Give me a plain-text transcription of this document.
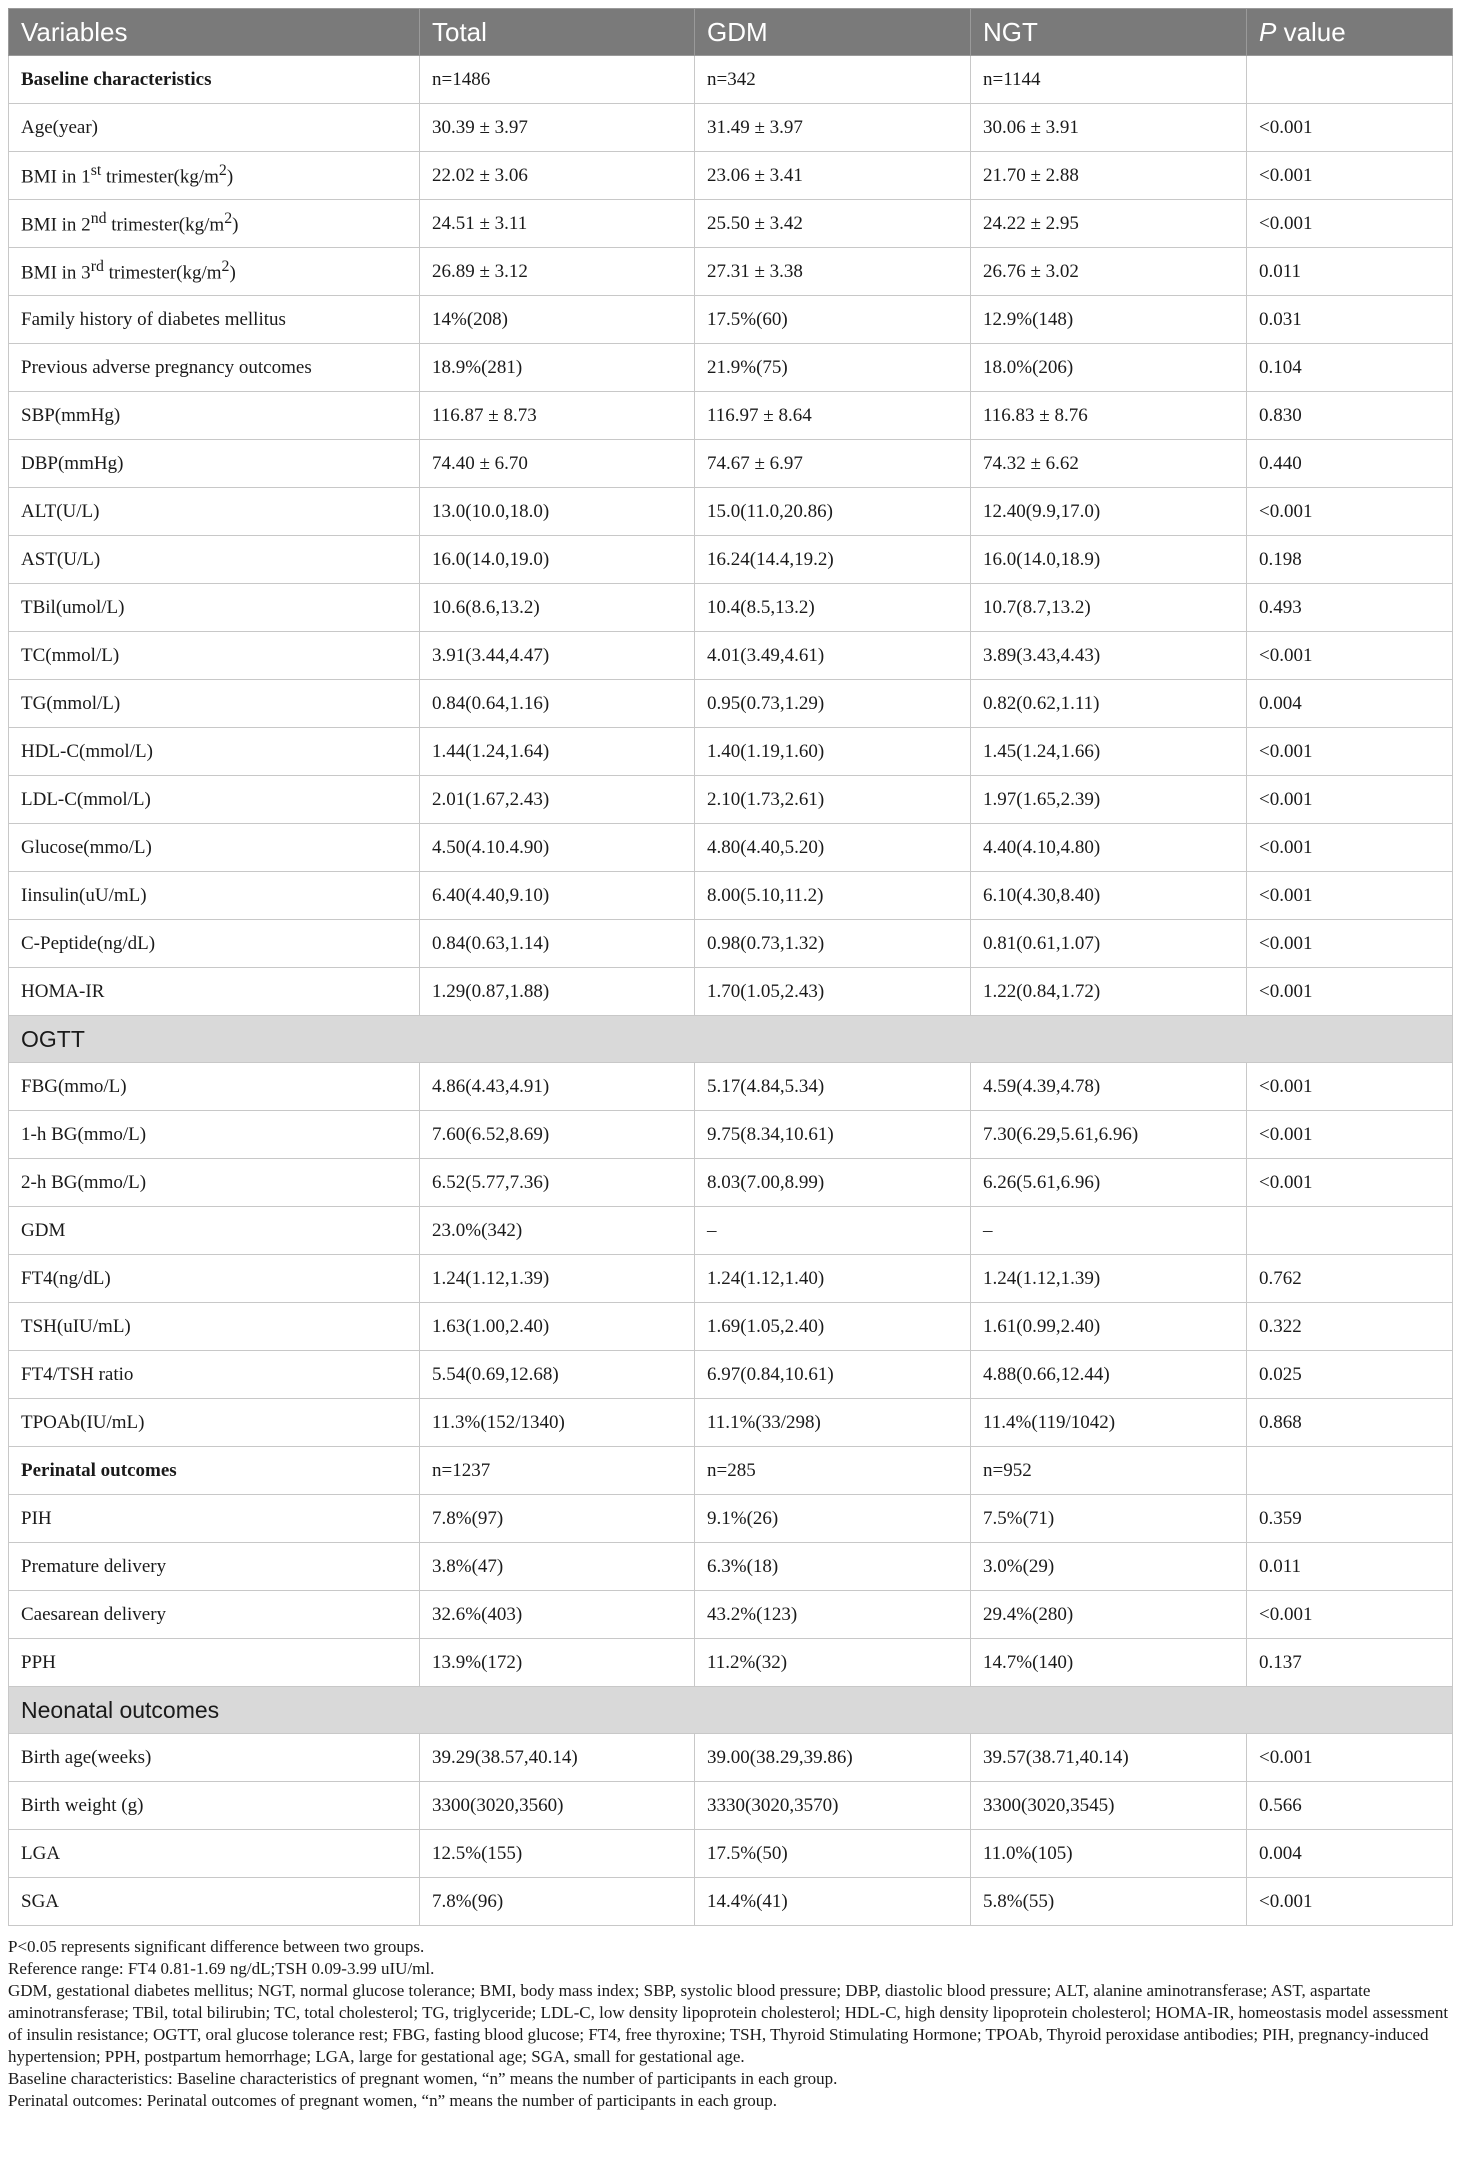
Variables	Total	GDM	NGT	P value
Baseline characteristics	n=1486	n=342	n=1144	
Age(year)	30.39 ± 3.97	31.49 ± 3.97	30.06 ± 3.91	<0.001
BMI in 1st $trimester(kg/m^2)$	22.02 ± 3.06	23.06 ± 3.41	21.70 ± 2.88	<0.001
BMI in 2nd $trimester(kg/m^2)$	24.51 ± 3.11	25.50 ± 3.42	24.22 ± 2.95	<0.001
BMI in 3rd $trimester(kg/m^2)$	26.89 ± 3.12	27.31 ± 3.38	26.76 ± 3.02	0.011
Family history of diabetes mellitus	14%(208)	17.5%(60)	12.9%(148)	0.031
Previous adverse pregnancy outcomes	18.9%(281)	21.9%(75)	18.0%(206)	0.104
SBP(mmHg)	116.87 ± 8.73	116.97 ± 8.64	116.83 ± 8.76	0.830
DBP(mmHg)	74.40 ± 6.70	74.67 ± 6.97	74.32 ± 6.62	0.440
ALT(U/L)	13.0(10.0,18.0)	15.0(11.0,20.86)	12.40(9.9,17.0)	<0.001
AST(U/L)	16.0(14.0,19.0)	16.24(14.4,19.2)	16.0(14.0,18.9)	0.198
TBil(umol/L)	10.6(8.6,13.2)	10.4(8.5,13.2)	10.7(8.7,13.2)	0.493
TC(mmol/L)	3.91(3.44,4.47)	4.01(3.49,4.61)	3.89(3.43,4.43)	<0.001
TG(mmol/L)	0.84(0.64,1.16)	0.95(0.73,1.29)	0.82(0.62,1.11)	0.004
HDL-C(mmol/L)	1.44(1.24,1.64)	1.40(1.19,1.60)	1.45(1.24,1.66)	<0.001
LDL-C(mmol/L)	2.01(1.67,2.43)	2.10(1.73,2.61)	1.97(1.65,2.39)	<0.001
Glucose(mmo/L)	4.50(4.10.4.90)	4.80(4.40,5.20)	4.40(4.10,4.80)	<0.001
Iinsulin(uU/mL)	6.40(4.40,9.10)	8.00(5.10,11.2)	6.10(4.30,8.40)	<0.001
C-Peptide(ng/dL)	0.84(0.63,1.14)	0.98(0.73,1.32)	0.81(0.61,1.07)	<0.001
HOMA-IR	1.29(0.87,1.88)	1.70(1.05,2.43)	1.22(0.84,1.72)	<0.001
OGTT				
FBG(mmo/L)	4.86(4.43,4.91)	5.17(4.84,5.34)	4.59(4.39,4.78)	<0.001
1-h BG(mmo/L)	7.60(6.52,8.69)	9.75(8.34,10.61)	7.30(6.29,5.61,6.96)	<0.001
2-h BG(mmo/L)	6.52(5.77,7.36)	8.03(7.00,8.99)	6.26(5.61,6.96)	<0.001
GDM	23.0%(342)	–	–	
FT4(ng/dL)	1.24(1.12,1.39)	1.24(1.12,1.40)	1.24(1.12,1.39)	0.762
TSH(uIU/mL)	1.63(1.00,2.40)	1.69(1.05,2.40)	1.61(0.99,2.40)	0.322
FT4/TSH ratio	5.54(0.69,12.68)	6.97(0.84,10.61)	4.88(0.66,12.44)	0.025
TPOAb(IU/mL)	11.3%(152/1340)	11.1%(33/298)	11.4%(119/1042)	0.868
Perinatal outcomes	n=1237	n=285	n=952	
PIH	7.8%(97)	9.1%(26)	7.5%(71)	0.359
Premature delivery	3.8%(47)	6.3%(18)	3.0%(29)	0.011
Caesarean delivery	32.6%(403)	43.2%(123)	29.4%(280)	<0.001
PPH	13.9%(172)	11.2%(32)	14.7%(140)	0.137
Neonatal outcomes				
Birth age(weeks)	39.29(38.57,40.14)	39.00(38.29,39.86)	39.57(38.71,40.14)	<0.001
Birth weight (g)	3300(3020,3560)	3330(3020,3570)	3300(3020,3545)	0.566
LGA	12.5%(155)	17.5%(50)	11.0%(105)	0.004
SGA	7.8%(96)	14.4%(41)	5.8%(55)	<0.001

P<0.05 represents significant difference between two groups.

Reference range: FT4 0.81-1.69 ng/dL;TSH 0.09-3.99 uIU/ml.

GDM, gestational diabetes mellitus; NGT, normal glucose tolerance; BMI, body mass index; SBP, systolic blood pressure; DBP, diastolic blood pressure; ALT, alanine aminotransferase; AST, aspartate aminotransferase; TBil, total bilirubin; TC, total cholesterol; TG, triglyceride; LDL-C, low density lipoprotein cholesterol; HDL-C, high density lipoprotein cholesterol; HOMA-IR, homeostasis model assessment of insulin resistance; OGTT, oral glucose tolerance rest; FBG, fasting blood glucose; FT4, free thyroxine; TSH, Thyroid Stimulating Hormone; TPOAb, Thyroid peroxidase antibodies; PIH, pregnancy-induced hypertension; PPH, postpartum hemorrhage; LGA, large for gestational age; SGA, small for gestational age.

Baseline characteristics: Baseline characteristics of pregnant women, “n” means the number of participants in each group.

Perinatal outcomes: Perinatal outcomes of pregnant women, “n” means the number of participants in each group.
